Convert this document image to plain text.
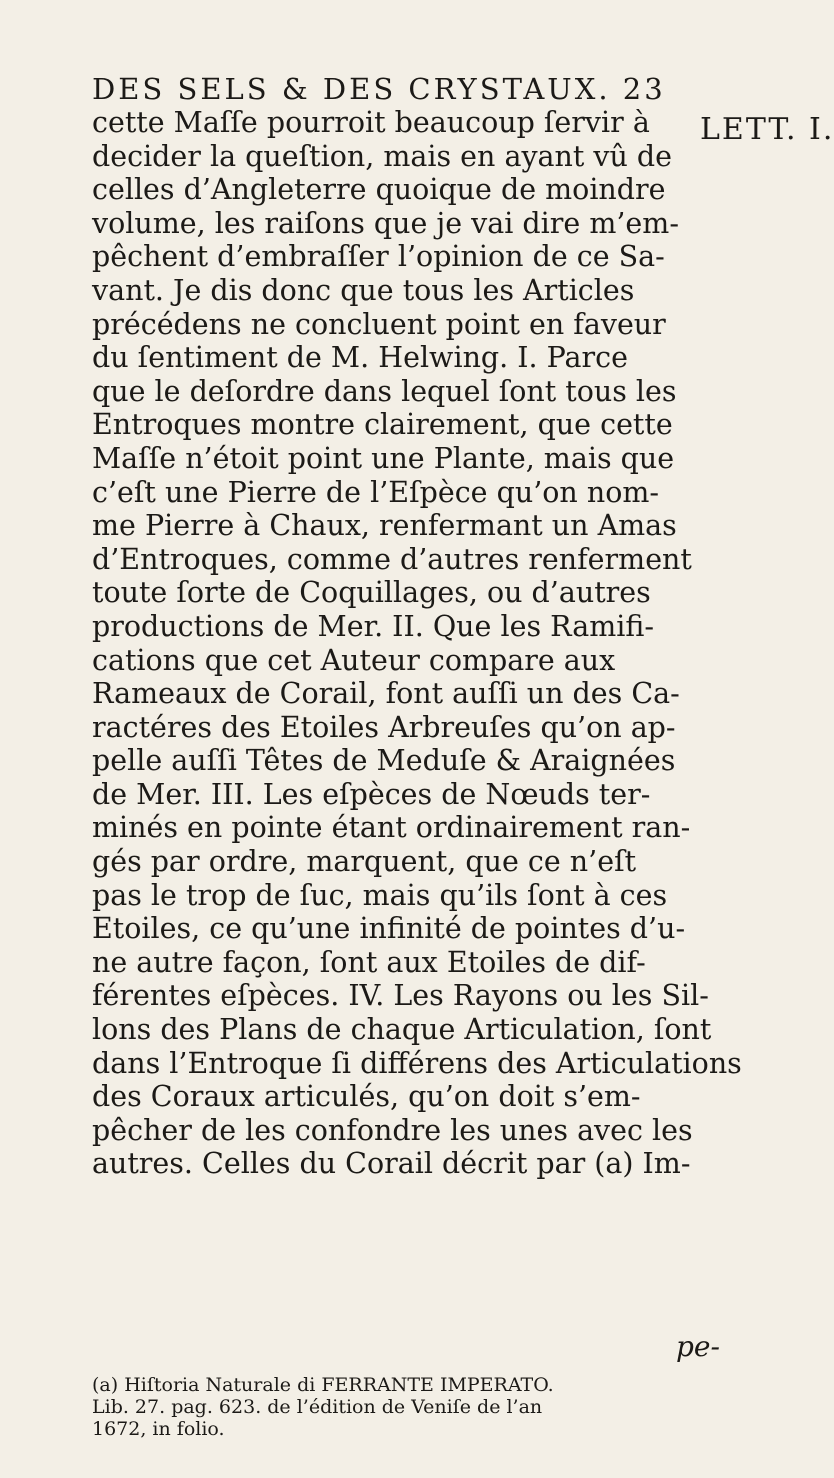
DES SELS & DES CRYSTAUX. 23
LETT. I.
cette Maſſe pourroit beaucoup ſervir à
decider la queſtion, mais en ayant vû de
celles d’Angleterre quoique de moindre
volume, les raiſons que je vai dire m’em-
pêchent d’embraſſer l’opinion de ce Sa-
vant. Je dis donc que tous les Articles
précédens ne concluent point en faveur
du ſentiment de M. Helwing. I. Parce
que le deſordre dans lequel ſont tous les
Entroques montre clairement, que cette
Maſſe n’étoit point une Plante, mais que
c’eſt une Pierre de l’Eſpèce qu’on nom-
me Pierre à Chaux, renfermant un Amas
d’Entroques, comme d’autres renferment
toute ſorte de Coquillages, ou d’autres
productions de Mer. II. Que les Ramifi-
cations que cet Auteur compare aux
Rameaux de Corail, font auſſi un des Ca-
ractéres des Etoiles Arbreuſes qu’on ap-
pelle auſſi Têtes de Meduſe & Araignées
de Mer. III. Les eſpèces de Nœuds ter-
minés en pointe étant ordinairement ran-
gés par ordre, marquent, que ce n’eſt
pas le trop de ſuc, mais qu’ils ſont à ces
Etoiles, ce qu’une infinité de pointes d’u-
ne autre façon, ſont aux Etoiles de dif-
férentes eſpèces. IV. Les Rayons ou les Sil-
lons des Plans de chaque Articulation, ſont
dans l’Entroque ſi différens des Articulations
des Coraux articulés, qu’on doit s’em-
pêcher de les confondre les unes avec les
autres. Celles du Corail décrit par (a) Im-
pe-
(a) Hiſtoria Naturale di FERRANTE IMPERATO.
Lib. 27. pag. 623. de l’édition de Veniſe de l’an
1672, in folio.
